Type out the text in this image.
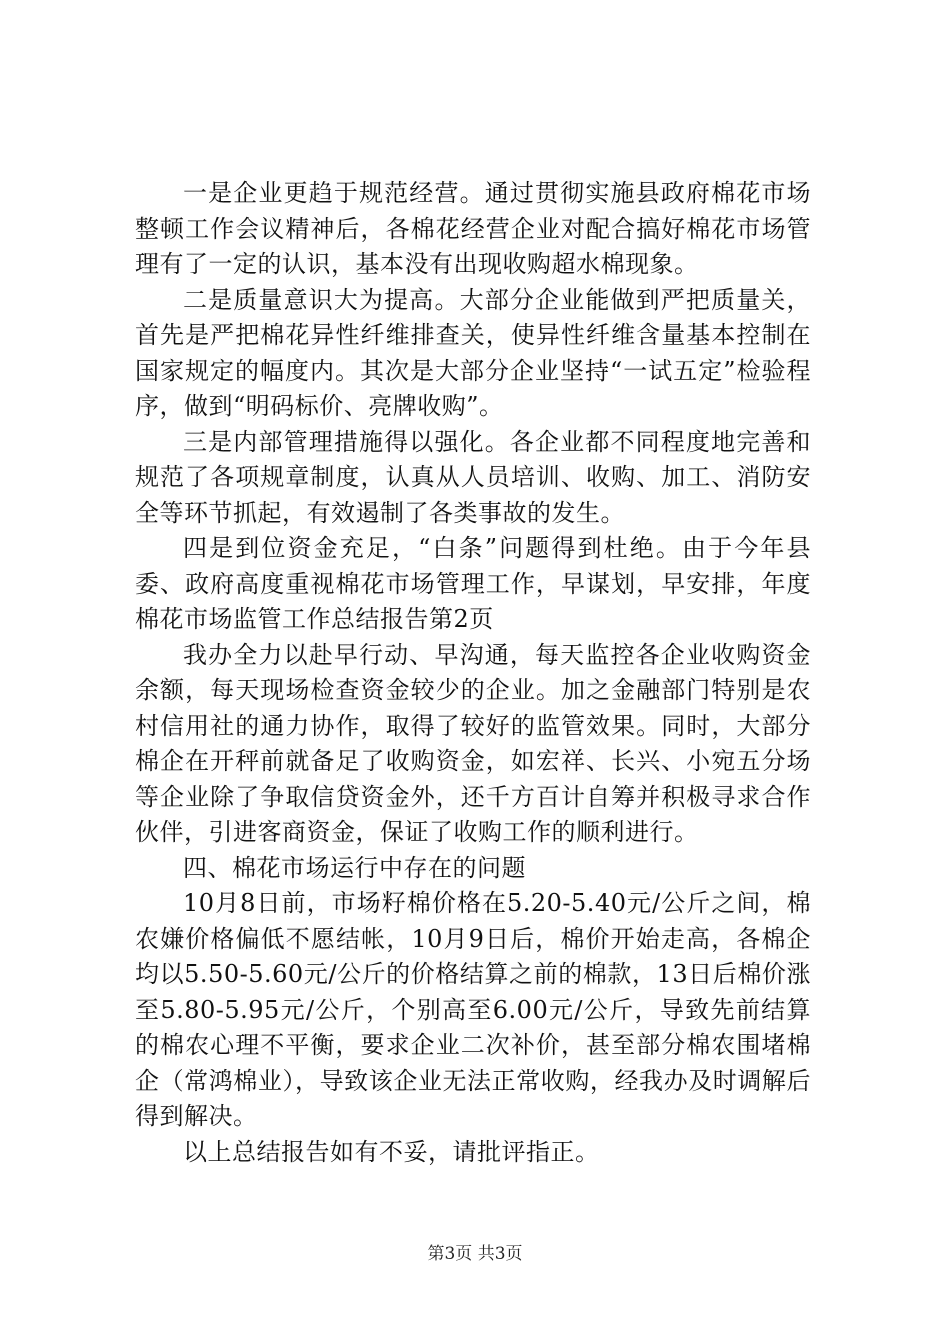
一是企业更趋于规范经营。通过贯彻实施县政府棉花市场整顿工作会议精神后，各棉花经营企业对配合搞好棉花市场管理有了一定的认识，基本没有出现收购超水棉现象。

二是质量意识大为提高。大部分企业能做到严把质量关，首先是严把棉花异性纤维排查关，使异性纤维含量基本控制在国家规定的幅度内。其次是大部分企业坚持“一试五定”检验程序，做到“明码标价、亮牌收购”。

三是内部管理措施得以强化。各企业都不同程度地完善和规范了各项规章制度，认真从人员培训、收购、加工、消防安全等环节抓起，有效遏制了各类事故的发生。

四是到位资金充足，“白条”问题得到杜绝。由于今年县委、政府高度重视棉花市场管理工作，早谋划，早安排，年度棉花市场监管工作总结报告第2页

我办全力以赴早行动、早沟通，每天监控各企业收购资金余额，每天现场检查资金较少的企业。加之金融部门特别是农村信用社的通力协作，取得了较好的监管效果。同时，大部分棉企在开秤前就备足了收购资金，如宏祥、长兴、小宛五分场等企业除了争取信贷资金外，还千方百计自筹并积极寻求合作伙伴，引进客商资金，保证了收购工作的顺利进行。

四、棉花市场运行中存在的问题

10月8日前，市场籽棉价格在5.20-5.40元/公斤之间，棉农嫌价格偏低不愿结帐，10月9日后，棉价开始走高，各棉企均以5.50-5.60元/公斤的价格结算之前的棉款，13日后棉价涨至5.80-5.95元/公斤，个别高至6.00元/公斤，导致先前结算的棉农心理不平衡，要求企业二次补价，甚至部分棉农围堵棉企（常鸿棉业），导致该企业无法正常收购，经我办及时调解后得到解决。

以上总结报告如有不妥，请批评指正。

第3页 共3页
